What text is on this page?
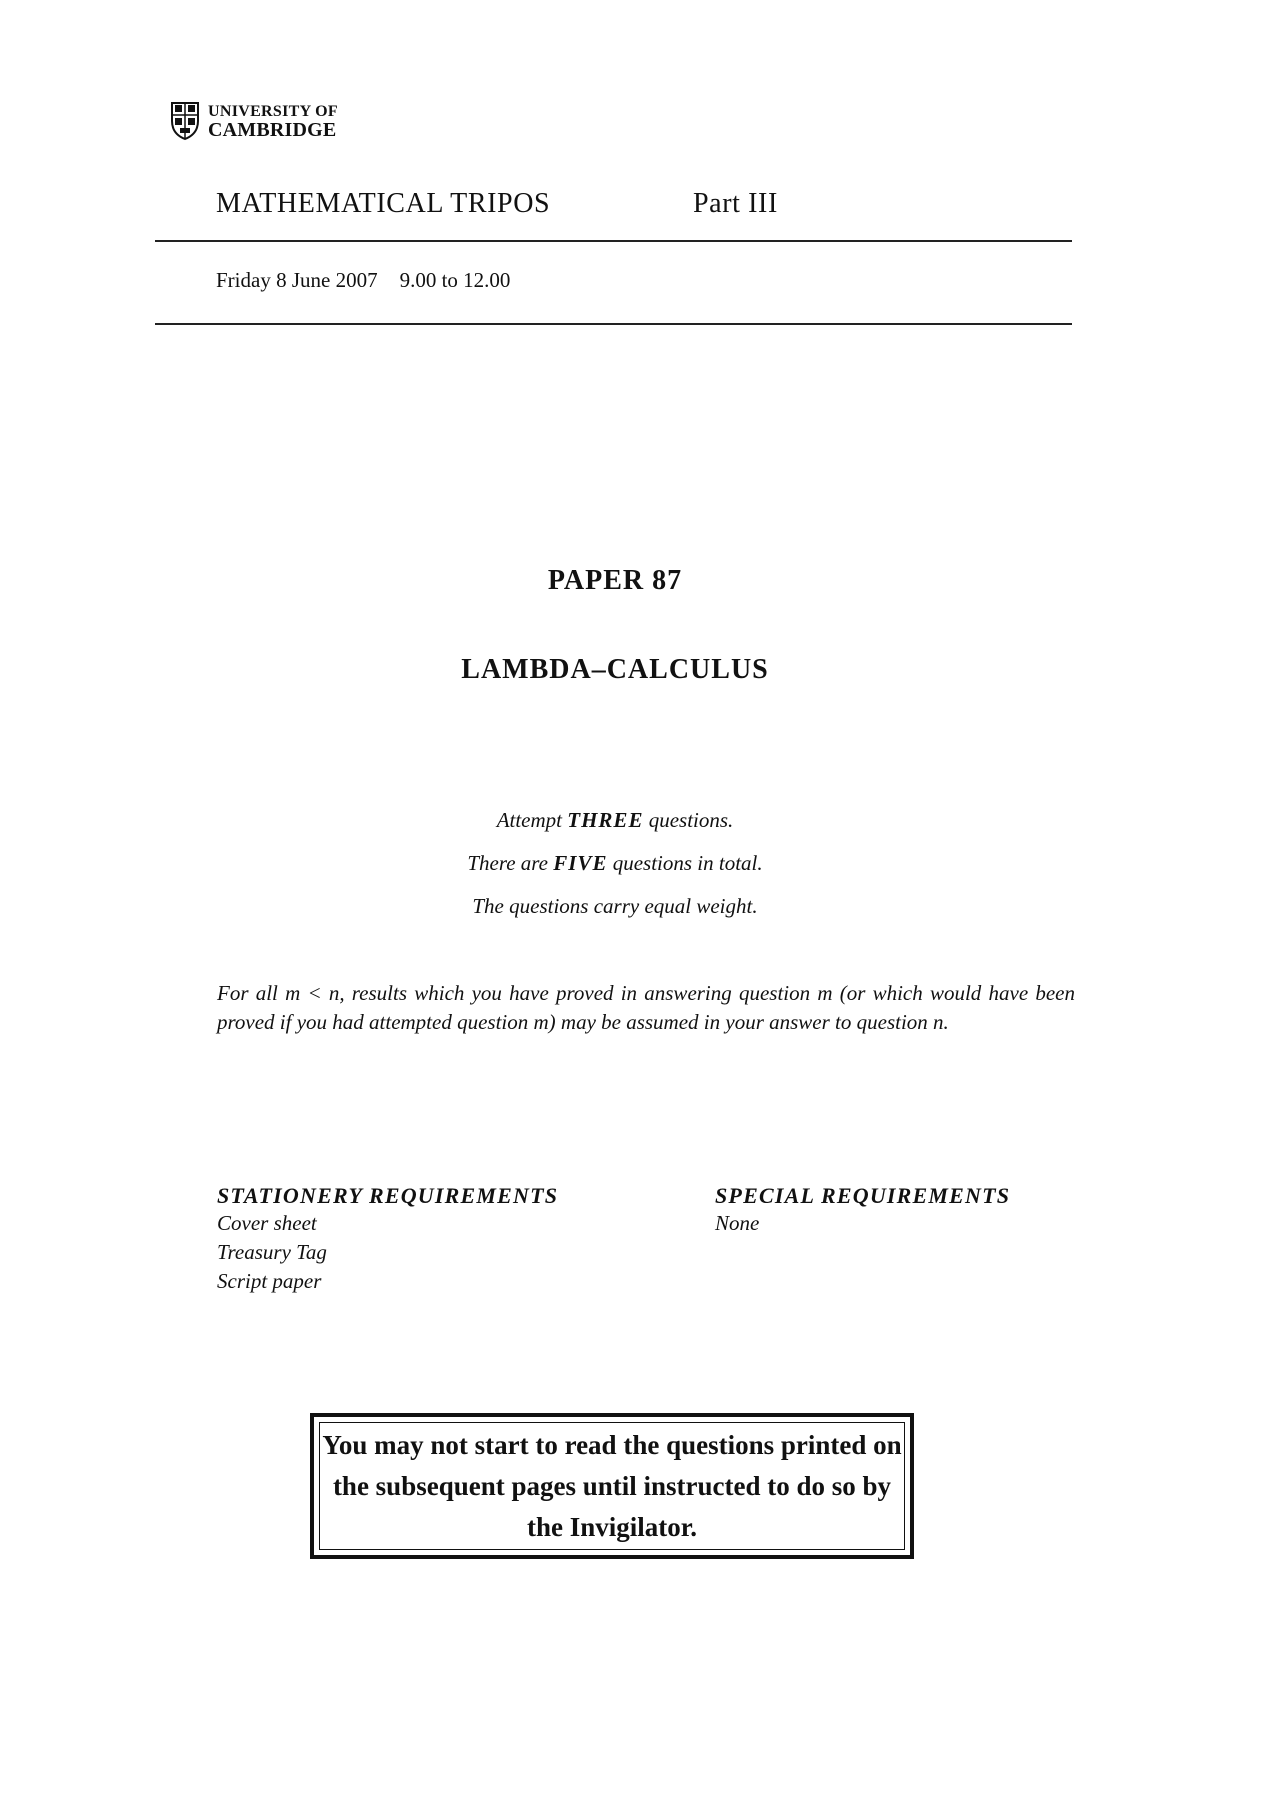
UNIVERSITY OF
CAMBRIDGE
MATHEMATICAL TRIPOS	Part III
Friday 8 June 2007 9.00 to 12.00
PAPER 87
LAMBDA–CALCULUS
Attempt THREE questions.
There are FIVE questions in total.
The questions carry equal weight.
For all m < n, results which you have proved in answering question m (or which would have been proved if you had attempted question m) may be assumed in your answer to question n.
STATIONERY REQUIREMENTS
Cover sheet
Treasury Tag
Script paper
SPECIAL REQUIREMENTS
None
You may not start to read the questions printed on the subsequent pages until instructed to do so by the Invigilator.
